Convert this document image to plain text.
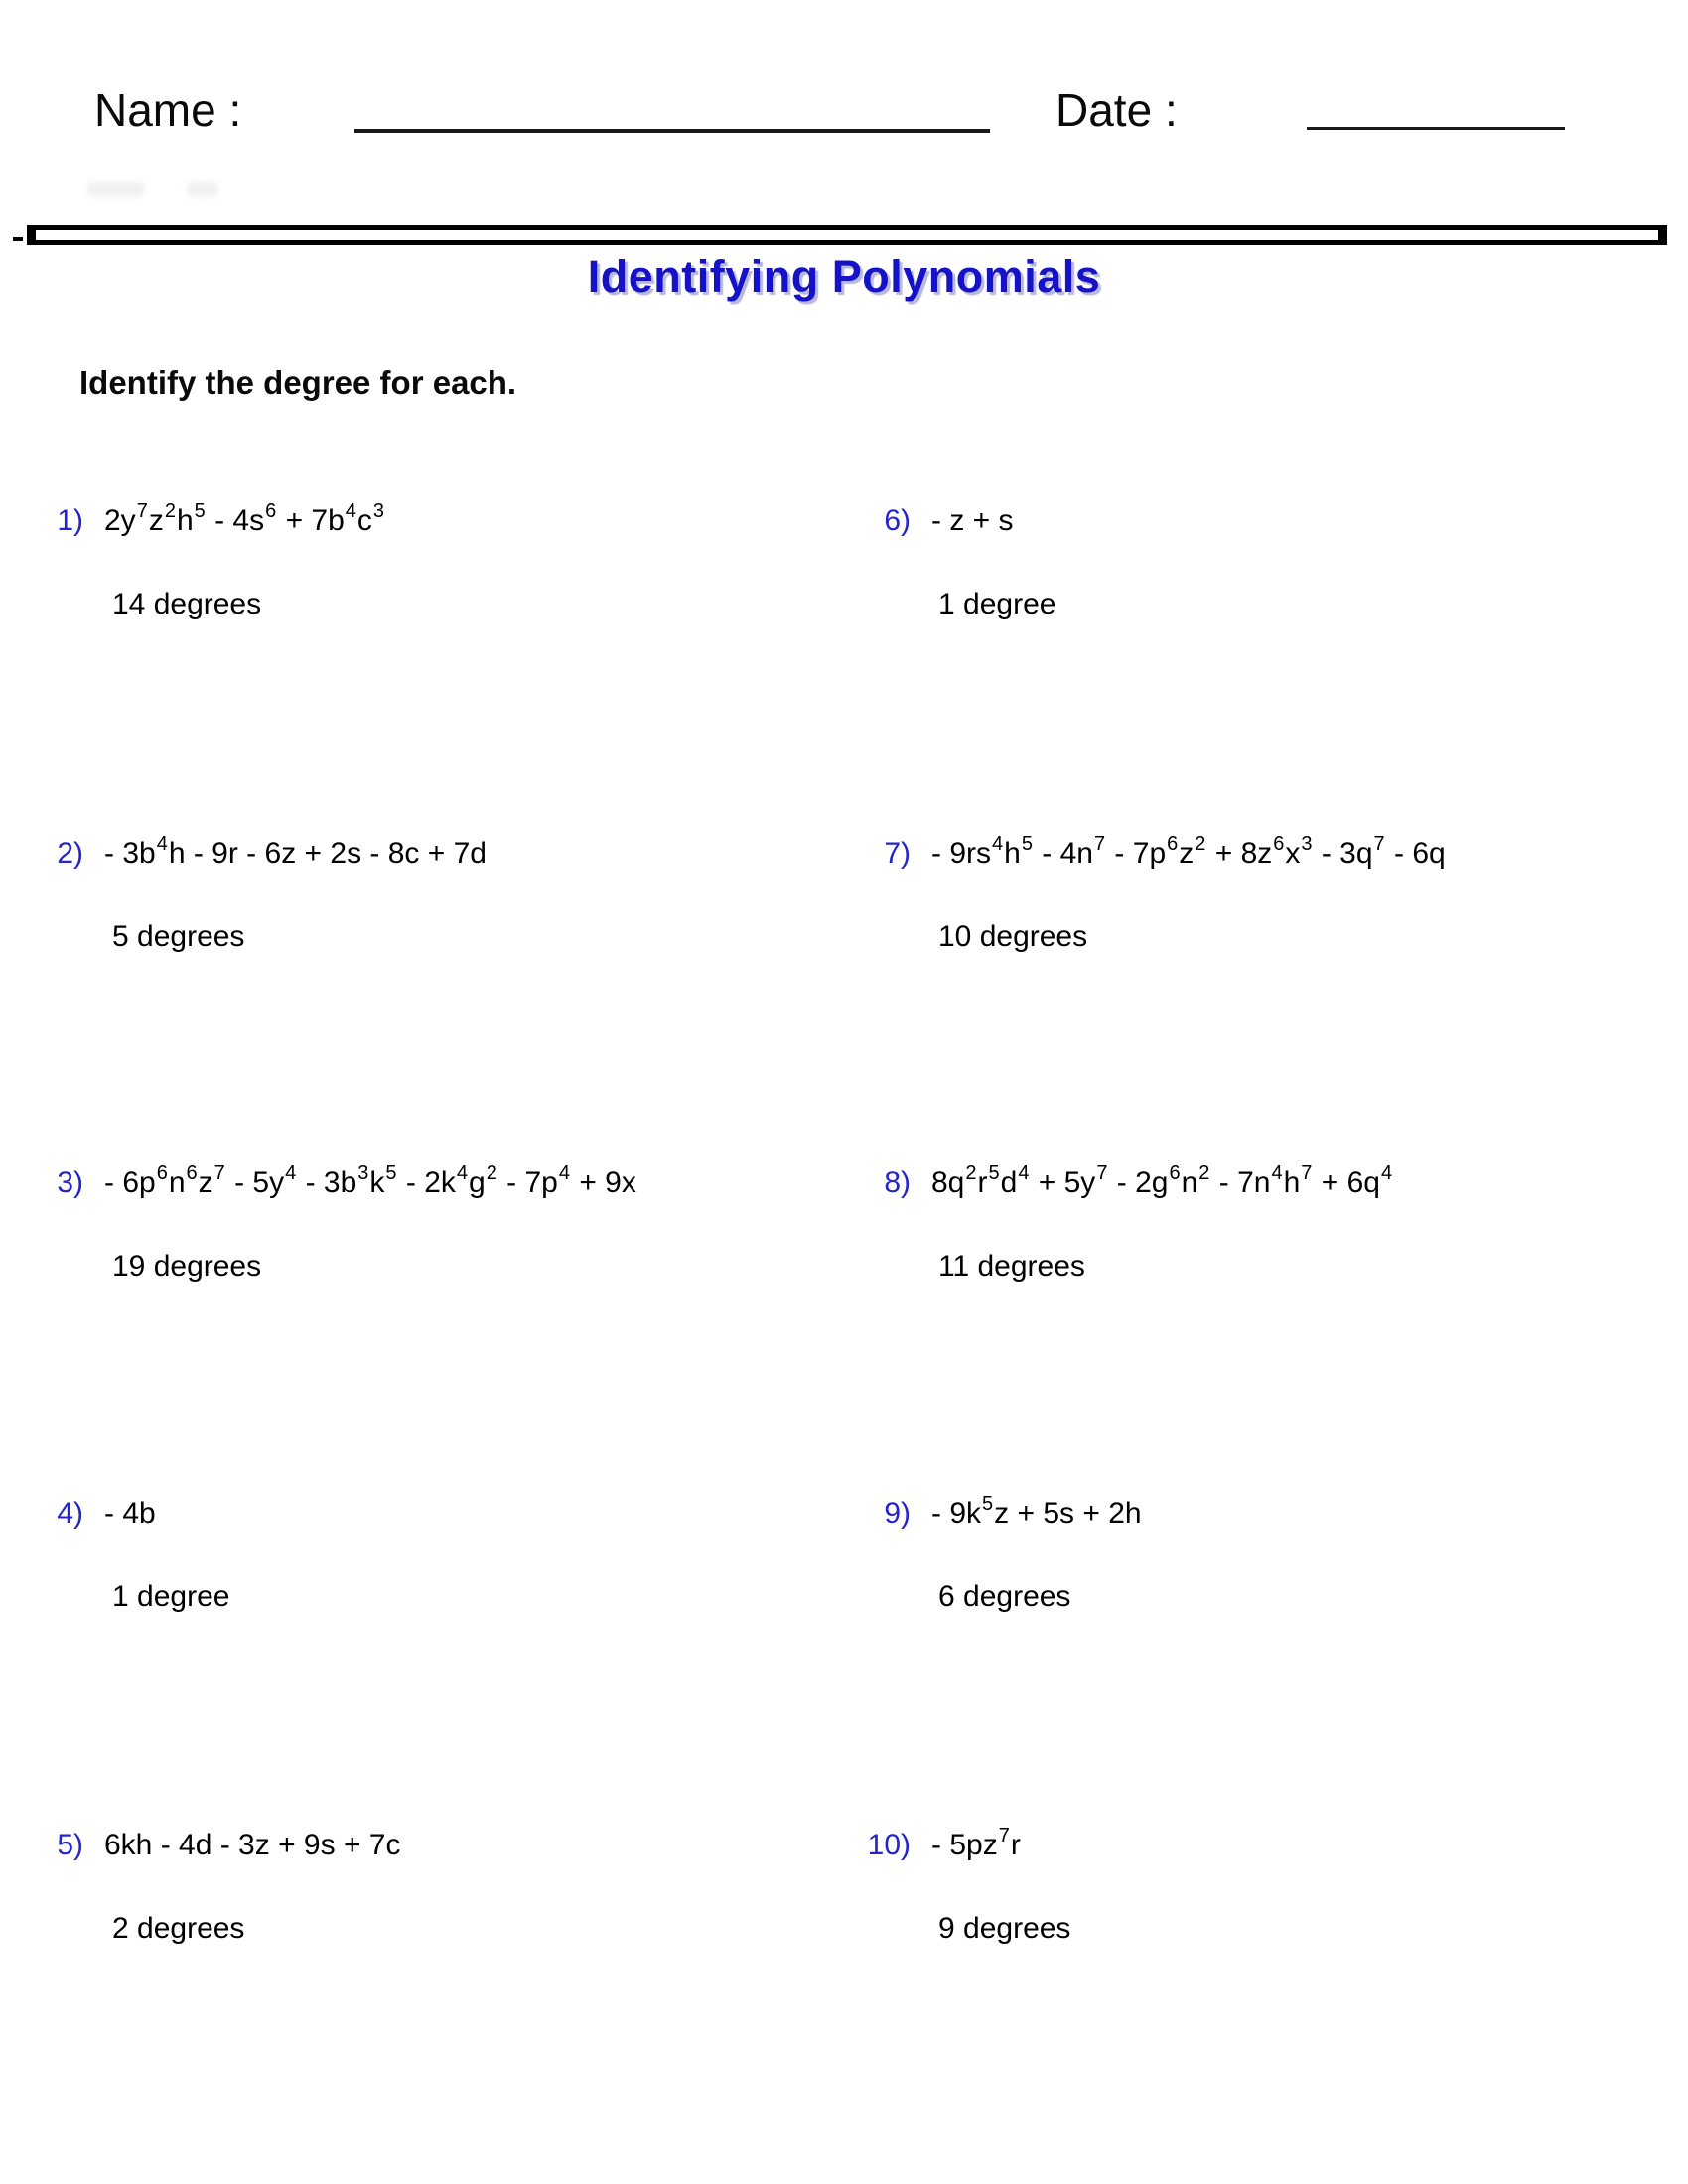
Name :	Date :
Identifying Polynomials
Identify the degree for each.
1) $2y^7z^2h^5 - 4s^6 + 7b^4c^3$
14 degrees
$2) - 3b^4h - 9r - 6z + 2s - 8c + 7d$
5 degrees
$3) - 6p^6n^6z^7 - 5y^4 - 3b^3k^5 - 2k^4g^2 - 7p^4 + 9x$
19 degrees
4) - 4b
1 degree
5) 6kh - 4d - 3z + 9s + 7c
2 degrees
6) - z + s
1 degree
$7) - 9rs^4h^5 - 4n^7 - 7p^6z^2 + 8z^6x^3 - 3q^7 - 6q$
10 degrees
8) $8q^2r^5d^4 + 5y^7 - 2g^6n^2 - 7n^4h^7 + 6q^4$
11 degrees
$9) - 9k^5z + 5s + 2h$
6 degrees
$10) - 5pz^7r$
9 degrees
